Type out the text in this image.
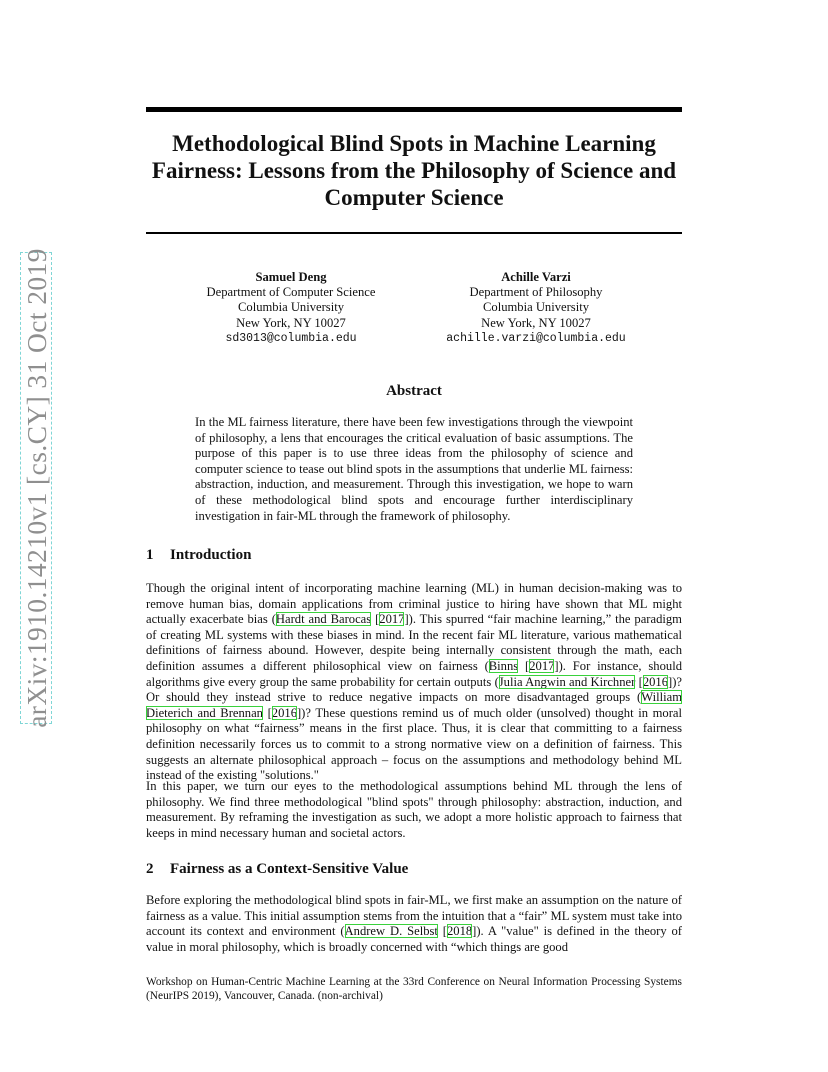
arXiv:1910.14210v1 [cs.CY] 31 Oct 2019
Methodological Blind Spots in Machine Learning Fairness: Lessons from the Philosophy of Science and Computer Science
Samuel Deng
Department of Computer Science
Columbia University
New York, NY 10027
sd3013@columbia.edu
Achille Varzi
Department of Philosophy
Columbia University
New York, NY 10027
achille.varzi@columbia.edu
Abstract
In the ML fairness literature, there have been few investigations through the viewpoint of philosophy, a lens that encourages the critical evaluation of basic assumptions. The purpose of this paper is to use three ideas from the philosophy of science and computer science to tease out blind spots in the assumptions that underlie ML fairness: abstraction, induction, and measurement. Through this investigation, we hope to warn of these methodological blind spots and encourage further interdisciplinary investigation in fair-ML through the framework of philosophy.
1 Introduction

Though the original intent of incorporating machine learning (ML) in human decision-making was to remove human bias, domain applications from criminal justice to hiring have shown that ML might actually exacerbate bias (Hardt and Barocas [2017]). This spurred “fair machine learning,” the paradigm of creating ML systems with these biases in mind. In the recent fair ML literature, various mathematical definitions of fairness abound. However, despite being internally consistent through the math, each definition assumes a different philosophical view on fairness (Binns [2017]). For instance, should algorithms give every group the same probability for certain outputs (Julia Angwin and Kirchner [2016])? Or should they instead strive to reduce negative impacts on more disadvantaged groups (William Dieterich and Brennan [2016])? These questions remind us of much older (unsolved) thought in moral philosophy on what “fairness” means in the first place. Thus, it is clear that committing to a fairness definition necessarily forces us to commit to a strong normative view on a definition of fairness. This suggests an alternate philosophical approach – focus on the assumptions and methodology behind ML instead of the existing "solutions."

In this paper, we turn our eyes to the methodological assumptions behind ML through the lens of philosophy. We find three methodological "blind spots" through philosophy: abstraction, induction, and measurement. By reframing the investigation as such, we adopt a more holistic approach to fairness that keeps in mind necessary human and societal actors.

2 Fairness as a Context-Sensitive Value

Before exploring the methodological blind spots in fair-ML, we first make an assumption on the nature of fairness as a value. This initial assumption stems from the intuition that a “fair” ML system must take into account its context and environment (Andrew D. Selbst [2018]). A "value" is defined in the theory of value in moral philosophy, which is broadly concerned with “which things are good

Workshop on Human-Centric Machine Learning at the 33rd Conference on Neural Information Processing Systems (NeurIPS 2019), Vancouver, Canada. (non-archival)
